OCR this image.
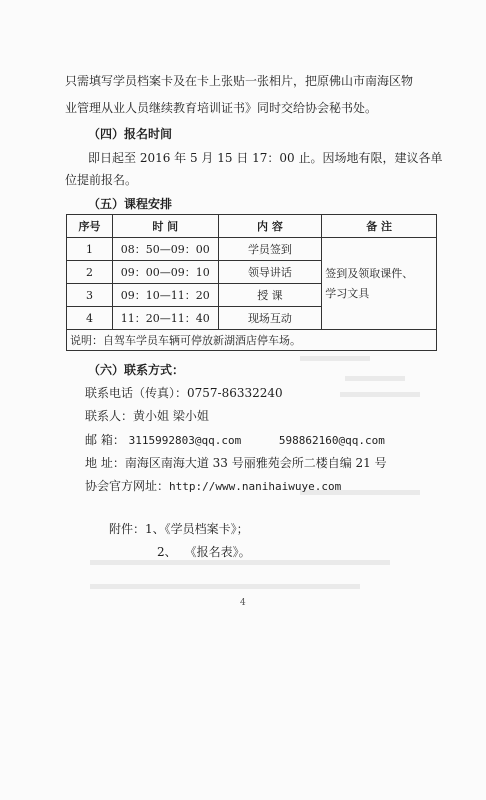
只需填写学员档案卡及在卡上张贴一张相片，把原佛山市南海区物
业管理从业人员继续教育培训证书》同时交给协会秘书处。
（四）报名时间
即日起至 2016 年 5 月 15 日 17：00 止。因场地有限，建议各单
位提前报名。
（五）课程安排
序号	时 间	内 容	备 注
1	08：50—09：00	学员签到	签到及领取课件、
学习文具
2	09：00—09：10	领导讲话	
3	09：10—11：20	授 课	
4	11：20—11：40	现场互动	
说明：自驾车学员车辆可停放新湖酒店停车场。			
（六）联系方式：
联系电话（传真）：0757-86332240
联系人：黄小姐 梁小姐
邮 箱： 3115992803@qq.com	598862160@qq.com
地 址：南海区南海大道 33 号丽雅苑会所二楼自编 21 号
协会官方网址：http://www.nanihaiwuye.com
附件：1、《学员档案卡》；
2、 《报名表》。
4
